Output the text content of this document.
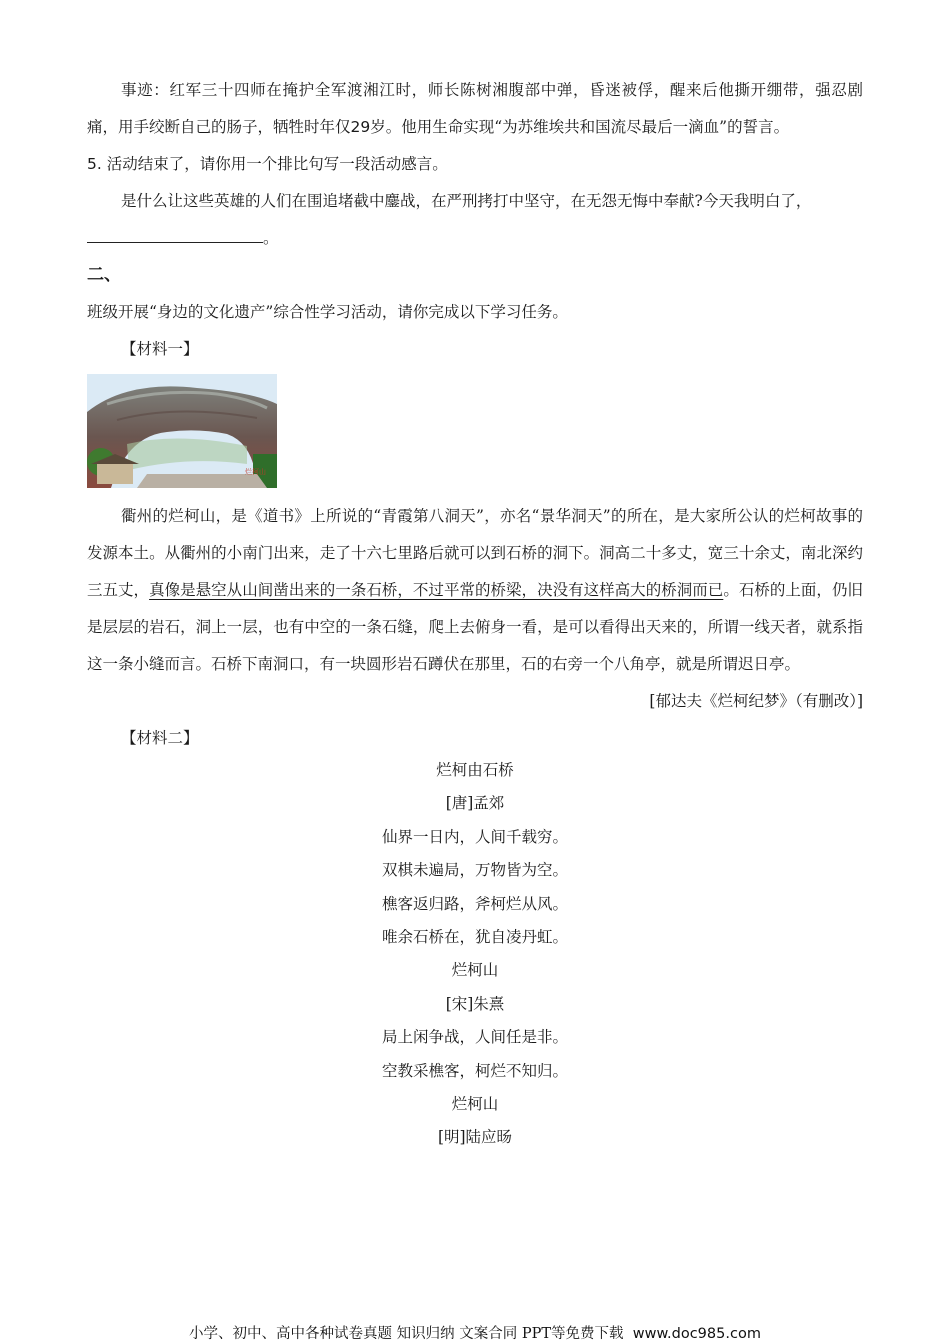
事迹：红军三十四师在掩护全军渡湘江时，师长陈树湘腹部中弹，昏迷被俘，醒来后他撕开绷带，强忍剧痛，用手绞断自己的肠子，牺牲时年仅29岁。他用生命实现“为苏维埃共和国流尽最后一滴血”的誓言。

5. 活动结束了，请你用一个排比句写一段活动感言。

是什么让这些英雄的人们在围追堵截中鏖战，在严刑拷打中坚守，在无怨无悔中奉献?今天我明白了，
。

二、

班级开展“身边的文化遗产”综合性学习活动，请你完成以下学习任务。

【材料一】

烂柯山

衢州的烂柯山，是《道书》上所说的“青霞第八洞天”，亦名“景华洞天”的所在，是大家所公认的烂柯故事的发源本土。从衢州的小南门出来，走了十六七里路后就可以到石桥的洞下。洞高二十多丈，宽三十余丈，南北深约三五丈，真像是悬空从山间凿出来的一条石桥，不过平常的桥梁，决没有这样高大的桥洞而已。石桥的上面，仍旧是层层的岩石，洞上一层，也有中空的一条石缝，爬上去俯身一看，是可以看得出天来的，所谓一线天者，就系指这一条小缝而言。石桥下南洞口，有一块圆形岩石蹲伏在那里，石的右旁一个八角亭，就是所谓迟日亭。

[郁达夫《烂柯纪梦》（有删改）]

【材料二】

烂柯由石桥

[唐]孟郊

仙界一日内，人间千载穷。

双棋未遍局，万物皆为空。

樵客返归路，斧柯烂从风。

唯余石桥在，犹自凌丹虹。

烂柯山

[宋]朱熹

局上闲争战，人间任是非。

空教采樵客，柯烂不知归。

烂柯山

[明]陆应旸

小学、初中、高中各种试卷真题 知识归纳 文案合同 PPT等免费下载 www.doc985.com
